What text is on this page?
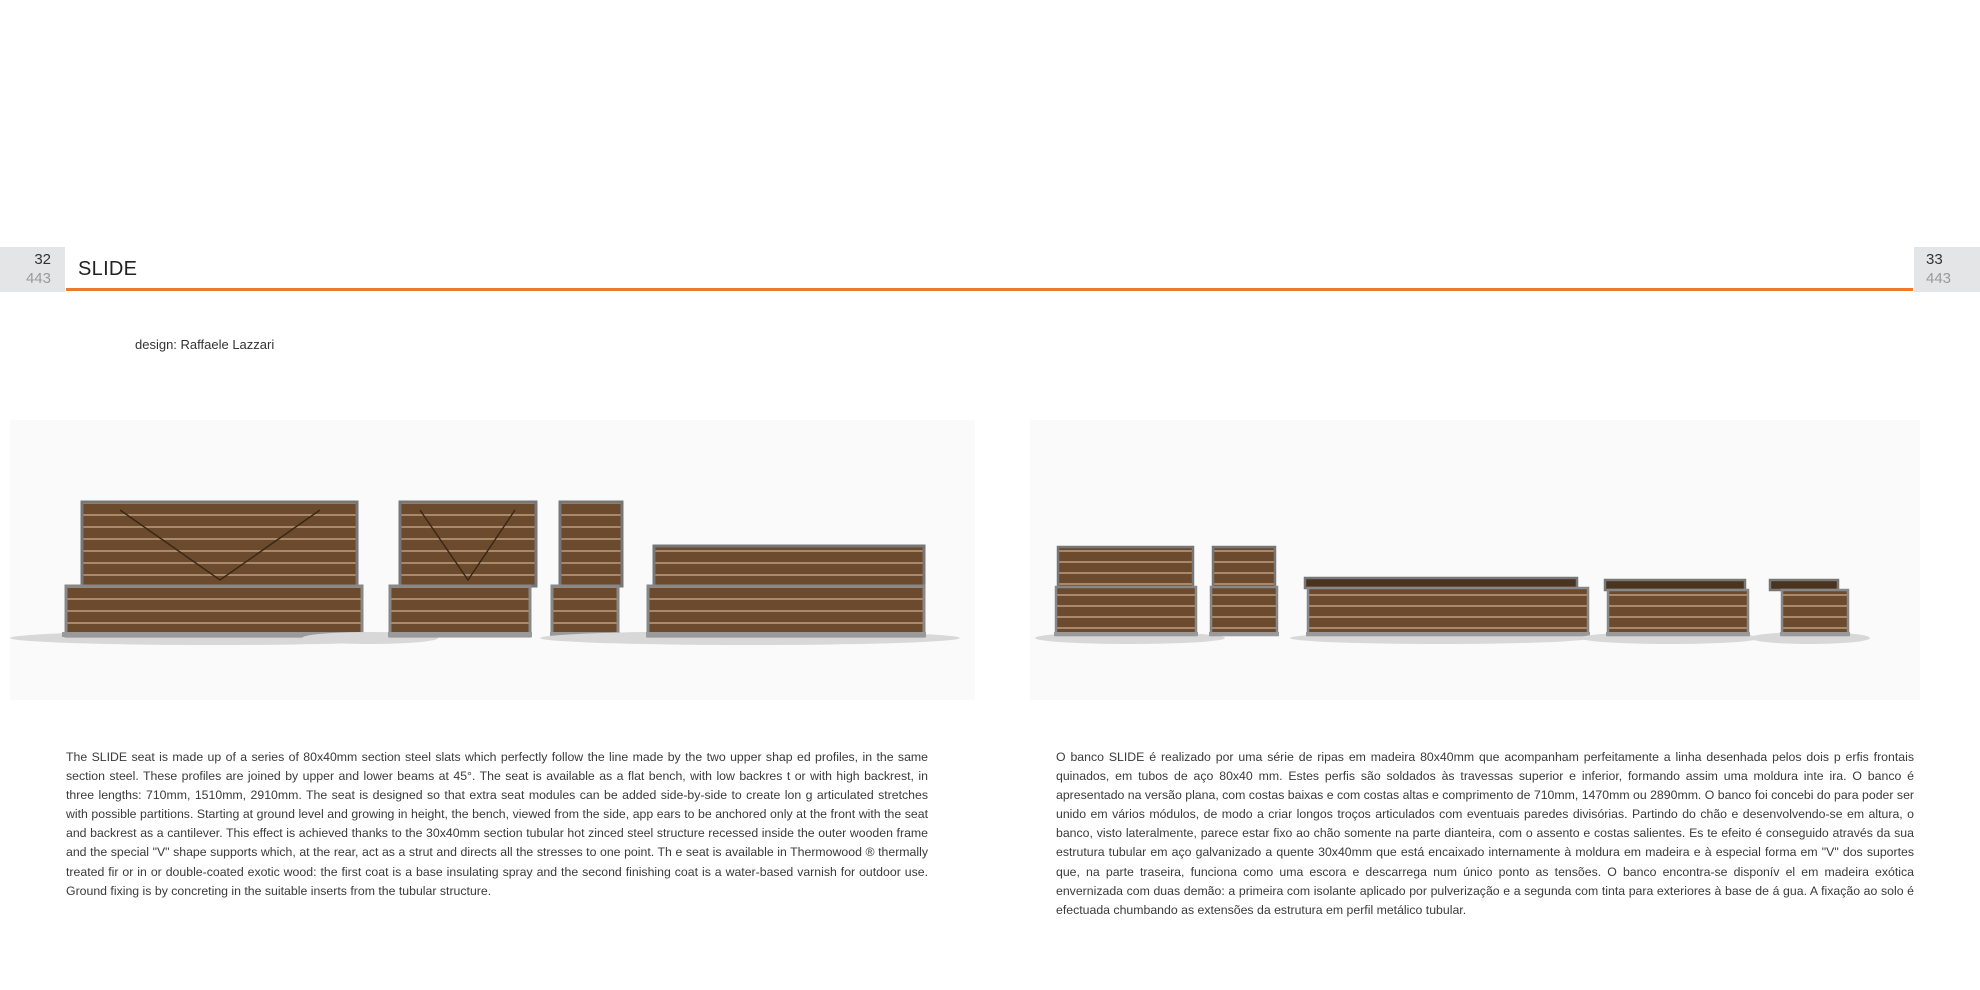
32
443	SLIDE	33
443
design: Raffaele Lazzari
The SLIDE seat is made up of a series of 80x40mm section steel slats which perfectly follow the line made by the two upper shap ed profiles, in the same section steel. These profiles are joined by upper and lower beams at 45°. The seat is available as a flat bench, with low backres t or with high backrest, in three lengths: 710mm, 1510mm, 2910mm. The seat is designed so that extra seat modules can be added side-by-side to create lon g articulated stretches with possible partitions. Starting at ground level and growing in height, the bench, viewed from the side, app ears to be anchored only at the front with the seat and backrest as a cantilever. This effect is achieved thanks to the 30x40mm section tubular hot zinced steel structure recessed inside the outer wooden frame and the special "V" shape supports which, at the rear, act as a strut and directs all the stresses to one point. Th e seat is available in Thermowood ® thermally treated fir or in or double-coated exotic wood: the first coat is a base insulating spray and the second finishing coat is a water-based varnish for outdoor use. Ground fixing is by concreting in the suitable inserts from the tubular structure.
O banco SLIDE é realizado por uma série de ripas em madeira 80x40mm que acompanham perfeitamente a linha desenhada pelos dois p erfis frontais quinados, em tubos de aço 80x40 mm. Estes perfis são soldados às travessas superior e inferior, formando assim uma moldura inte ira. O banco é apresentado na versão plana, com costas baixas e com costas altas e comprimento de 710mm, 1470mm ou 2890mm. O banco foi concebi do para poder ser unido em vários módulos, de modo a criar longos troços articulados com eventuais paredes divisórias. Partindo do chão e desenvolvendo-se em altura, o banco, visto lateralmente, parece estar fixo ao chão somente na parte dianteira, com o assento e costas salientes. Es te efeito é conseguido através da sua estrutura tubular em aço galvanizado a quente 30x40mm que está encaixado internamente à moldura em madeira e à especial forma em "V" dos suportes que, na parte traseira, funciona como uma escora e descarrega num único ponto as tensões. O banco encontra-se disponív el em madeira exótica envernizada com duas demão: a primeira com isolante aplicado por pulverização e a segunda com tinta para exteriores à base de á gua. A fixação ao solo é efectuada chumbando as extensões da estrutura em perfil metálico tubular.
